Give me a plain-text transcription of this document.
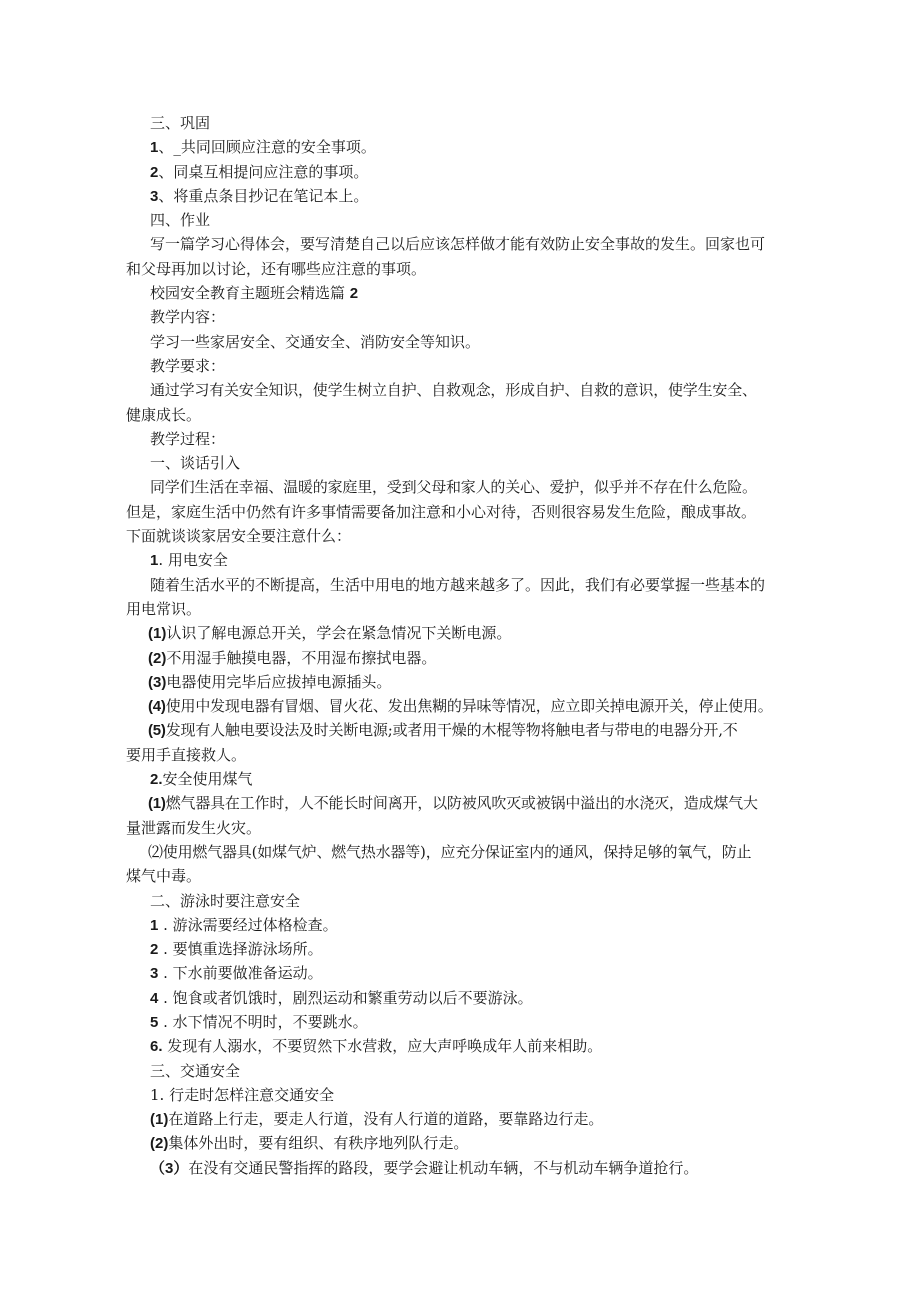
三、巩固
1、_共同回顾应注意的安全事项。
2、同桌互相提问应注意的事项。
3、将重点条目抄记在笔记本上。
四、作业
写一篇学习心得体会，要写清楚自己以后应该怎样做才能有效防止安全事故的发生。回家也可
和父母再加以讨论，还有哪些应注意的事项。
校园安全教育主题班会精选篇 2
教学内容：
学习一些家居安全、交通安全、消防安全等知识。
教学要求：
通过学习有关安全知识，使学生树立自护、自救观念，形成自护、自救的意识，使学生安全、
健康成长。
教学过程：
一、谈话引入
同学们生活在幸福、温暖的家庭里，受到父母和家人的关心、爱护，似乎并不存在什么危险。
但是，家庭生活中仍然有许多事情需要备加注意和小心对待，否则很容易发生危险，酿成事故。
下面就谈谈家居安全要注意什么：
1. 用电安全
随着生活水平的不断提高，生活中用电的地方越来越多了。因此，我们有必要掌握一些基本的
用电常识。
(1)认识了解电源总开关，学会在紧急情况下关断电源。
(2)不用湿手触摸电器，不用湿布擦拭电器。
(3)电器使用完毕后应拔掉电源插头。
(4)使用中发现电器有冒烟、冒火花、发出焦糊的异味等情况，应立即关掉电源开关，停止使用。
(5)发现有人触电要设法及时关断电源;或者用干燥的木棍等物将触电者与带电的电器分开,不
要用手直接救人。
2.安全使用煤气
(1)燃气器具在工作时，人不能长时间离开，以防被风吹灭或被锅中溢出的水浇灭，造成煤气大
量泄露而发生火灾。
⑵使用燃气器具(如煤气炉、燃气热水器等)，应充分保证室内的通风，保持足够的氧气，防止
煤气中毒。
二、游泳时要注意安全
1 . 游泳需要经过体格检查。
2 . 要慎重选择游泳场所。
3 . 下水前要做准备运动。
4 . 饱食或者饥饿时，剧烈运动和繁重劳动以后不要游泳。
5 . 水下情况不明时，不要跳水。
6. 发现有人溺水，不要贸然下水营救，应大声呼唤成年人前来相助。
三、交通安全
1. 行走时怎样注意交通安全
(1)在道路上行走，要走人行道，没有人行道的道路，要靠路边行走。
(2)集体外出时，要有组织、有秩序地列队行走。
（3）在没有交通民警指挥的路段，要学会避让机动车辆，不与机动车辆争道抢行。
